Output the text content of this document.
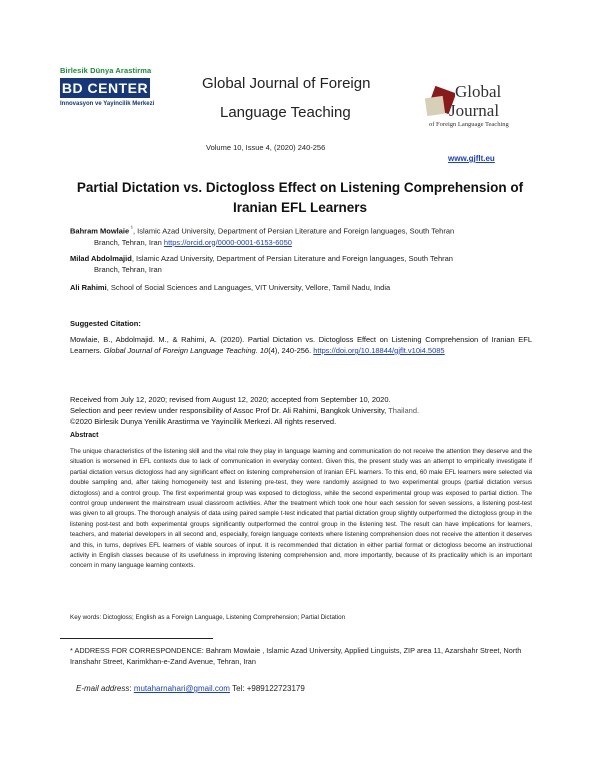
Birlesik Dünya Arastirma
BD CENTER
Innovasyon ve Yayincilik Merkezi
Global Journal of Foreign
Language Teaching
Volume 10, Issue 4, (2020) 240-256
Global
Journal
of Foreign Language Teaching
www.gjflt.eu
Partial Dictation vs. Dictogloss Effect on Listening Comprehension of Iranian EFL Learners
Bahram Mowlaie $^{^1}$, Islamic Azad University, Department of Persian Literature and Foreign languages, South Tehran
Branch, Tehran, Iran https://orcid.org/0000-0001-6153-6050
Milad Abdolmajid, Islamic Azad University, Department of Persian Literature and Foreign languages, South Tehran
Branch, Tehran, Iran
Ali Rahimi, School of Social Sciences and Languages, VIT University, Vellore, Tamil Nadu, India
Suggested Citation:
Mowlaie, B., Abdolmajid. M., & Rahimi, A. (2020). Partial Dictation vs. Dictogloss Effect on Listening Comprehension of Iranian EFL Learners. Global Journal of Foreign Language Teaching. 10(4), 240-256. https://doi.org/10.18844/gjflt.v10i4.5085
Received from July 12, 2020; revised from August 12, 2020; accepted from September 10, 2020.
Selection and peer review under responsibility of Assoc Prof Dr. Ali Rahimi, Bangkok University, Thailand.
©2020 Birlesik Dunya Yenilik Arastirma ve Yayincilik Merkezi. All rights reserved.
Abstract
The unique characteristics of the listening skill and the vital role they play in language learning and communication do not receive the attention they deserve and the situation is worsened in EFL contexts due to lack of communication in everyday context. Given this, the present study was an attempt to empirically investigate if partial dictation versus dictogloss had any significant effect on listening comprehension of Iranian EFL learners. To this end, 60 male EFL learners were selected via double sampling and, after taking homogeneity test and listening pre-test, they were randomly assigned to two experimental groups (partial dictation versus dictogloss) and a control group. The first experimental group was exposed to dictogloss, while the second experimental group was exposed to partial diction. The control group underwent the mainstream usual classroom activities. After the treatment which took one hour each session for seven sessions, a listening post-test was given to all groups. The thorough analysis of data using paired sample t-test indicated that partial dictation group slightly outperformed the dictogloss group in the listening post-test and both experimental groups significantly outperformed the control group in the listening test. The result can have implications for learners, teachers, and material developers in all second and, especially, foreign language contexts where listening comprehension does not receive the attention it deserves and this, in turns, deprives EFL learners of viable sources of input. It is recommended that dictation in either partial format or dictogloss become an instructional activity in English classes because of its usefulness in improving listening comprehension and, more importantly, because of its practicality which is an important concern in many language learning contexts.
Key words: Dictogloss; English as a Foreign Language, Listening Comprehension; Partial Dictation
* ADDRESS FOR CORRESPONDENCE: Bahram Mowlaie , Islamic Azad University, Applied Linguists, ZIP area 11, Azarshahr Street, North Iranshahr Street, Karimkhan-e-Zand Avenue, Tehran, Iran
E-mail address: mutaharnahari@gmail.com Tel: +989122723179
